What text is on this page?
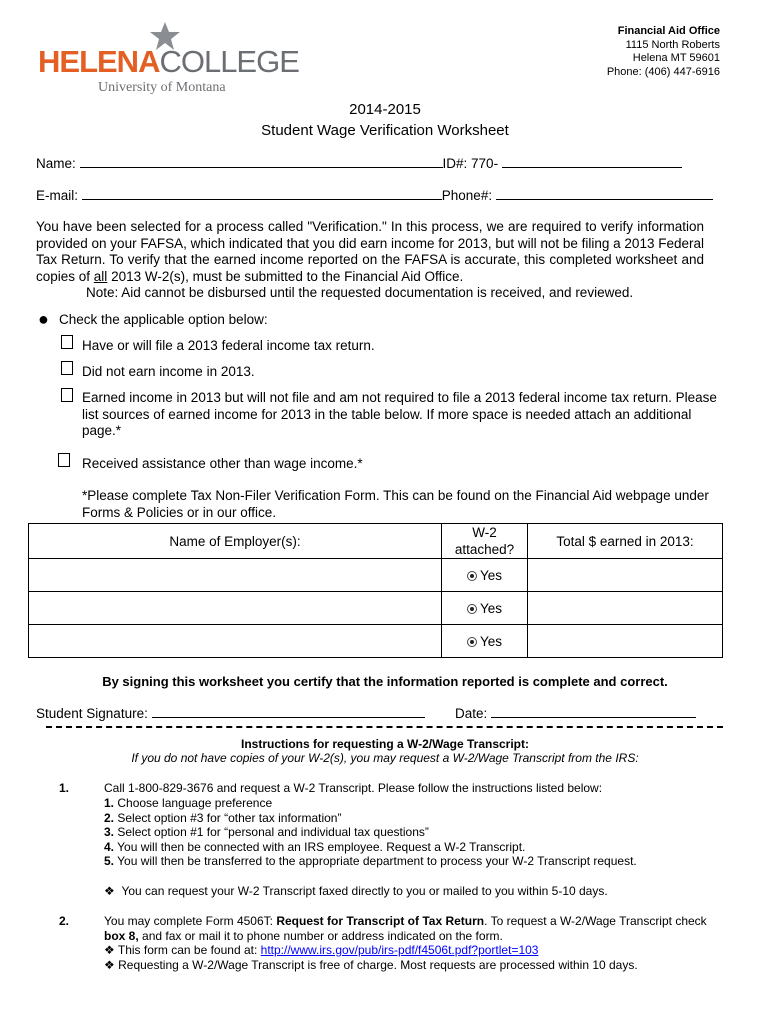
HELENACOLLEGE
University of Montana
Financial Aid Office
1115 North Roberts
Helena MT 59601
Phone: (406) 447-6916
2014-2015
Student Wage Verification Worksheet
Name:	ID#: 770-
E-mail:	Phone#:
You have been selected for a process called "Verification." In this process, we are required to verify information provided on your FAFSA, which indicated that you did earn income for 2013, but will not be filing a 2013 Federal Tax Return. To verify that the earned income reported on the FAFSA is accurate, this completed worksheet and copies of all 2013 W-2(s), must be submitted to the Financial Aid Office.
Note: Aid cannot be disbursed until the requested documentation is received, and reviewed.
● Check the applicable option below:
Have or will file a 2013 federal income tax return.
Did not earn income in 2013.
Earned income in 2013 but will not file and am not required to file a 2013 federal income tax return. Please list sources of earned income for 2013 in the table below. If more space is needed attach an additional page.*
Received assistance other than wage income.*
*Please complete Tax Non-Filer Verification Form. This can be found on the Financial Aid webpage under Forms & Policies or in our office.
Name of Employer(s):	W-2 attached?	Total $ earned in 2013:
	Yes	
	Yes	
	Yes	
By signing this worksheet you certify that the information reported is complete and correct.
Student Signature:	Date:
Instructions for requesting a W-2/Wage Transcript:
If you do not have copies of your W-2(s), you may request a W-2/Wage Transcript from the IRS:
1.	Call 1-800-829-3676 and request a W-2 Transcript. Please follow the instructions listed below:
1. Choose language preference
2. Select option #3 for “other tax information”
3. Select option #1 for “personal and individual tax questions”
4. You will then be connected with an IRS employee. Request a W-2 Transcript.
5. You will then be transferred to the appropriate department to process your W-2 Transcript request.
❖ You can request your W-2 Transcript faxed directly to you or mailed to you within 5-10 days.
2.	You may complete Form 4506T: Request for Transcript of Tax Return. To request a W-2/Wage Transcript check box 8, and fax or mail it to phone number or address indicated on the form.
❖ This form can be found at: http://www.irs.gov/pub/irs-pdf/f4506t.pdf?portlet=103
❖ Requesting a W-2/Wage Transcript is free of charge. Most requests are processed within 10 days.
